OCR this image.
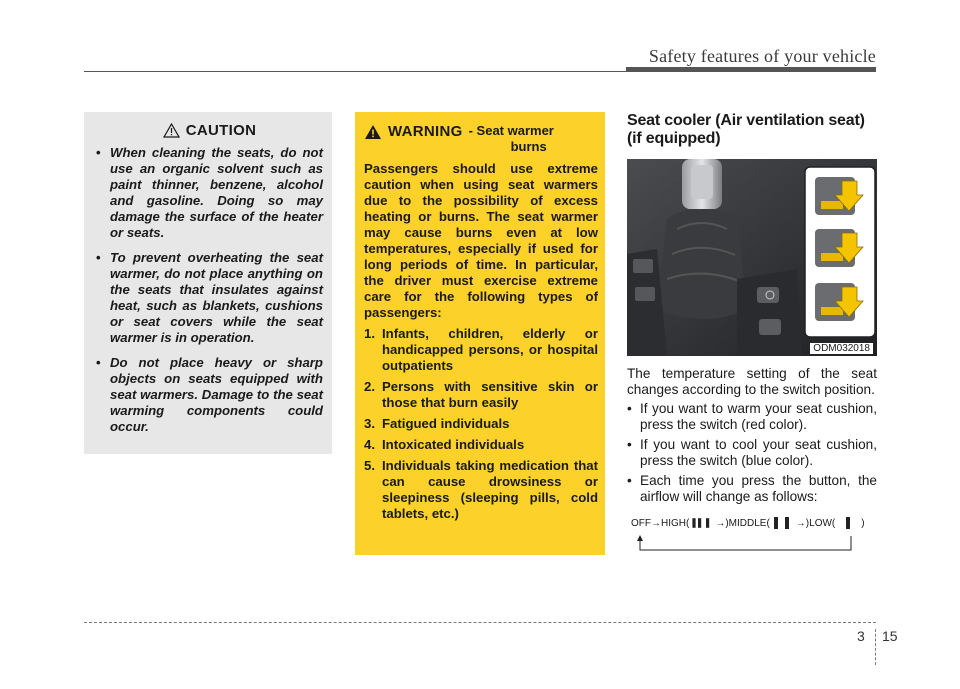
Safety features of your vehicle
CAUTION
• When cleaning the seats, do not use an organic solvent such as paint thinner, benzene, alcohol and gasoline. Doing so may damage the surface of the heater or seats.
• To prevent overheating the seat warmer, do not place anything on the seats that insulates against heat, such as blankets, cushions or seat covers while the seat warmer is in operation.
• Do not place heavy or sharp objects on seats equipped with seat warmers. Damage to the seat warming components could occur.
WARNING - Seat warmer
burns

Passengers should use extreme caution when using seat warmers due to the possibility of excess heating or burns. The seat warmer may cause burns even at low temperatures, especially if used for long periods of time. In particular, the driver must exercise extreme care for the following types of passengers:

1. Infants, children, elderly or handicapped persons, or hospital outpatients
2. Persons with sensitive skin or those that burn easily
3. Fatigued individuals
4. Intoxicated individuals
5. Individuals taking medication that can cause drowsiness or sleepiness (sleeping pills, cold tablets, etc.)
Seat cooler (Air ventilation seat) (if equipped)
ODM032018

The temperature setting of the seat changes according to the switch position.

• If you want to warm your seat cushion, press the switch (red color).
• If you want to cool your seat cushion, press the switch (blue color).
• Each time you press the button, the airflow will change as follows:
OFF → HIGH(	→ )MIDDLE(	→ )LOW(	)
3 15
